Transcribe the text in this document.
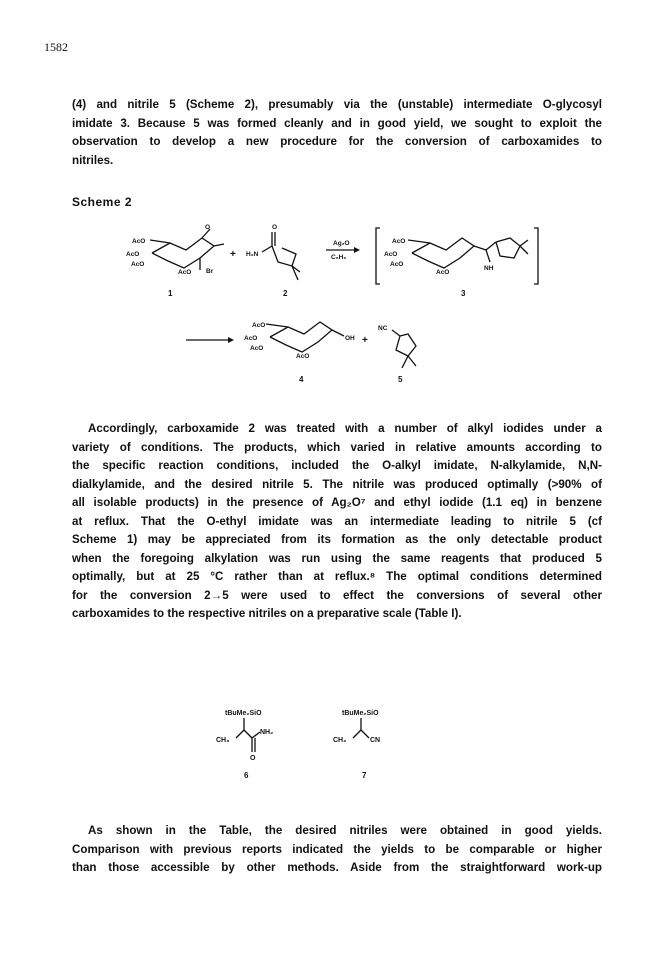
1582

(4) and nitrile 5 (Scheme 2), presumably via the (unstable) intermediate O-glycosyl
imidate 3. Because 5 was formed cleanly and in good yield, we sought to exploit the
observation to develop a new procedure for the conversion of carboxamides to
nitriles.

Scheme 2
AcO
AcO
AcO
AcO Br
O
1
+
O
H₂N
2
Ag₂O
C₆H₆
AcO
AcO
AcO
AcO
NH
3
AcO
AcO
AcO
AcO
OH
4
+
NC
5

Accordingly, carboxamide 2 was treated with a number of alkyl iodides under a
variety of conditions. The products, which varied in relative amounts according to
the specific reaction conditions, included the O-alkyl imidate, N-alkylamide, N,N-
dialkylamide, and the desired nitrile 5. The nitrile was produced optimally (>90% of
all isolable products) in the presence of Ag₂O⁷ and ethyl iodide (1.1 eq) in benzene
at reflux. That the O-ethyl imidate was an intermediate leading to nitrile 5 (cf
Scheme 1) may be appreciated from its formation as the only detectable product
when the foregoing alkylation was run using the same reagents that produced 5
optimally, but at 25 °C rather than at reflux.⁸ The optimal conditions determined
for the conversion 2→5 were used to effect the conversions of several other
carboxamides to the respective nitriles on a preparative scale (Table I).

tBuMe₂SiO
CH₃
NH₂
O
6
tBuMe₂SiO
CH₃	CN
7

As shown in the Table, the desired nitriles were obtained in good yields.
Comparison with previous reports indicated the yields to be comparable or higher
than those accessible by other methods. Aside from the straightforward work-up
